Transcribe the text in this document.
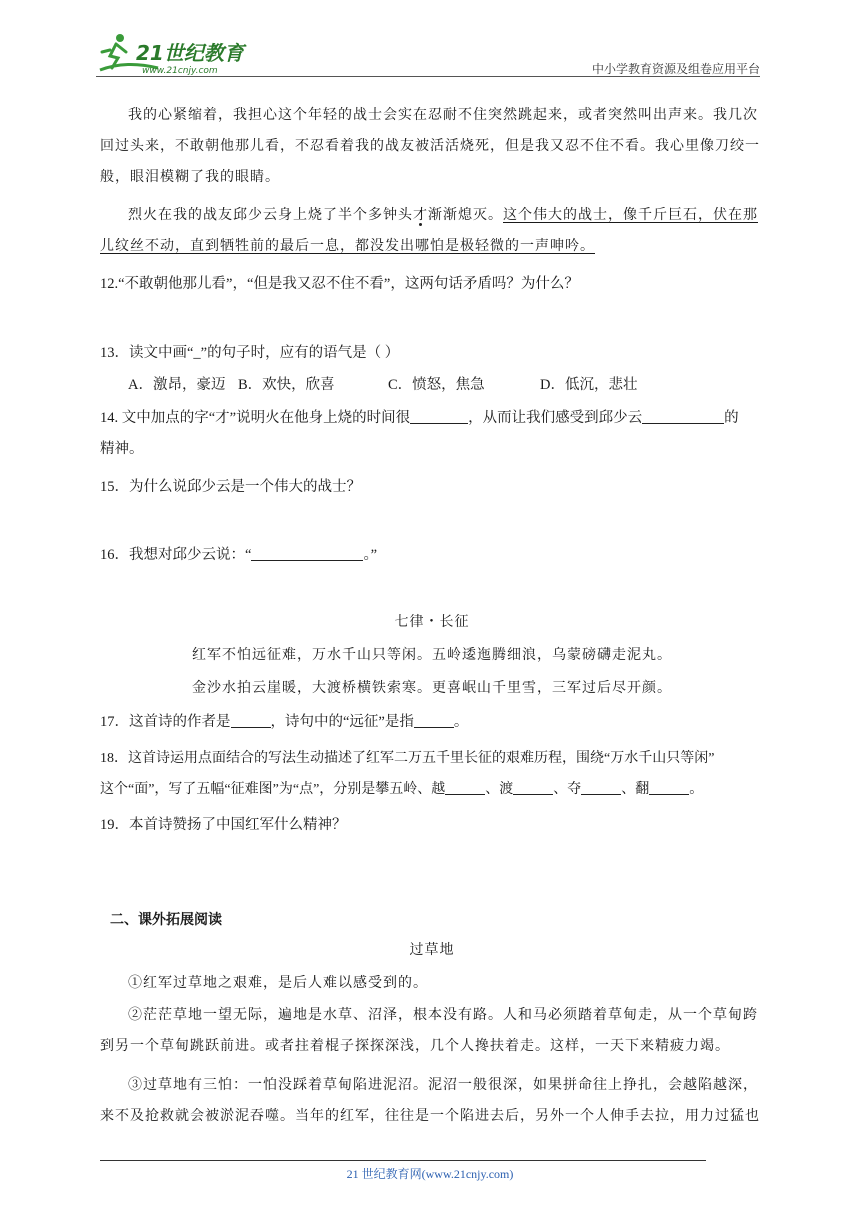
21世纪教育
www.21cnjy.com	中小学教育资源及组卷应用平台

我的心紧缩着，我担心这个年轻的战士会实在忍耐不住突然跳起来，或者突然叫出声来。我几次回过头来，不敢朝他那儿看，不忍看着我的战友被活活烧死，但是我又忍不住不看。我心里像刀绞一般，眼泪模糊了我的眼睛。

烈火在我的战友邱少云身上烧了半个多钟头才渐渐熄灭。这个伟大的战士，像千斤巨石，伏在那儿纹丝不动，直到牺牲前的最后一息，都没发出哪怕是极轻微的一声呻吟。

12.“不敢朝他那儿看”，“但是我又忍不住不看”，这两句话矛盾吗？为什么？

13．读文中画“_”的句子时，应有的语气是（ ）

A．激昂，豪迈 B．欢快，欣喜	C．愤怒，焦急	D．低沉，悲壮

14. 文中加点的字“才”说明火在他身上烧的时间很	，从而让我们感受到邱少云	的
精神。

15．为什么说邱少云是一个伟大的战士？

16．我想对邱少云说：“	。”

七律・长征

红军不怕远征难，万水千山只等闲。五岭逶迤腾细浪，乌蒙磅礴走泥丸。

金沙水拍云崖暖，大渡桥横铁索寒。更喜岷山千里雪，三军过后尽开颜。

17．这首诗的作者是	，诗句中的“远征”是指	。

18．这首诗运用点面结合的写法生动描述了红军二万五千里长征的艰难历程，围绕“万水千山只等闲”
这个“面”，写了五幅“征难图”为“点”，分别是攀五岭、越	、渡	、夺	、翻	。

19．本首诗赞扬了中国红军什么精神？

二、课外拓展阅读

过草地

①红军过草地之艰难，是后人难以感受到的。

②茫茫草地一望无际，遍地是水草、沼泽，根本没有路。人和马必须踏着草甸走，从一个草甸跨到另一个草甸跳跃前进。或者拄着棍子探探深浅，几个人搀扶着走。这样，一天下来精疲力竭。

③过草地有三怕：一怕没踩着草甸陷进泥沼。泥沼一般很深，如果拼命往上挣扎，会越陷越深，来不及抢救就会被淤泥吞噬。当年的红军，往往是一个陷进去后，另外一个人伸手去拉，用力过猛也

21 世纪教育网(www.21cnjy.com)
